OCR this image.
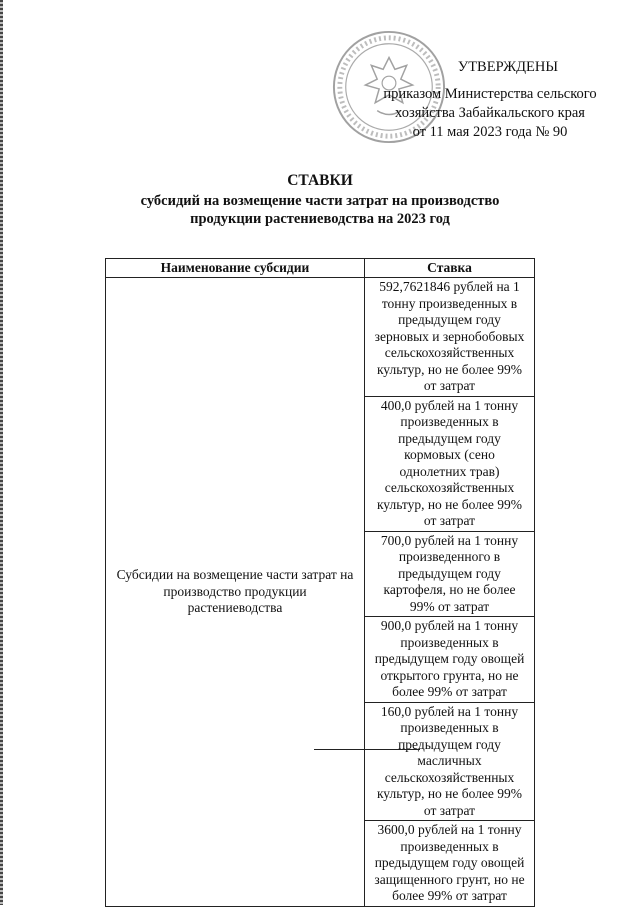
УТВЕРЖДЕНЫ
приказом Министерства сельского
хозяйства Забайкальского края
от 11 мая 2023 года № 90
СТАВКИ
субсидий на возмещение части затрат на производство продукции растениеводства на 2023 год
Наименование субсидии	Ставка
Субсидии на возмещение части затрат на производство продукции растениеводства	592,7621846 рублей на 1 тонну произведенных в предыдущем году зерновых и зернобобовых сельскохозяйственных культур, но не более 99% от затрат
	400,0 рублей на 1 тонну произведенных в предыдущем году кормовых (сено однолетних трав) сельскохозяйственных культур, но не более 99% от затрат
	700,0 рублей на 1 тонну произведенного в предыдущем году картофеля, но не более 99% от затрат
	900,0 рублей на 1 тонну произведенных в предыдущем году овощей открытого грунта, но не более 99% от затрат
	160,0 рублей на 1 тонну произведенных в предыдущем году масличных сельскохозяйственных культур, но не более 99% от затрат
	3600,0 рублей на 1 тонну произведенных в предыдущем году овощей защищенного грунт, но не более 99% от затрат
